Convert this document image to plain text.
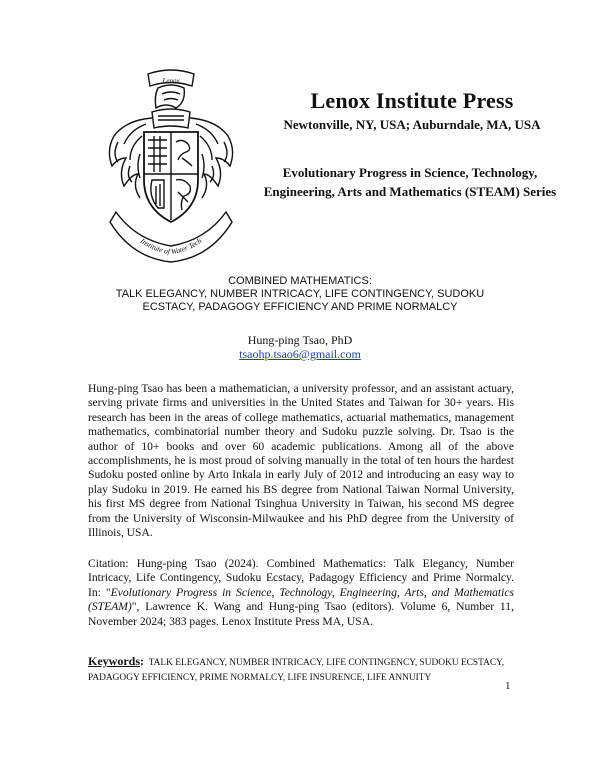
Lenox
Institute of Water Tech
Lenox Institute Press
Newtonville, NY, USA; Auburndale, MA, USA
Evolutionary Progress in Science, Technology,
Engineering, Arts and Mathematics (STEAM) Series
COMBINED MATHEMATICS:
TALK ELEGANCY, NUMBER INTRICACY, LIFE CONTINGENCY, SUDOKU
ECSTACY, PADAGOGY EFFICIENCY AND PRIME NORMALCY
Hung-ping Tsao, PhD
tsaohp.tsao6@gmail.com
Hung-ping Tsao has been a mathematician, a university professor, and an assistant actuary, serving private firms and universities in the United States and Taiwan for 30+ years. His research has been in the areas of college mathematics, actuarial mathematics, management mathematics, combinatorial number theory and Sudoku puzzle solving. Dr. Tsao is the author of 10+ books and over 60 academic publications. Among all of the above accomplishments, he is most proud of solving manually in the total of ten hours the hardest Sudoku posted online by Arto Inkala in early July of 2012 and introducing an easy way to play Sudoku in 2019. He earned his BS degree from National Taiwan Normal University, his first MS degree from National Tsinghua University in Taiwan, his second MS degree from the University of Wisconsin-Milwaukee and his PhD degree from the University of Illinois, USA.
Citation: Hung-ping Tsao (2024). Combined Mathematics: Talk Elegancy, Number Intricacy, Life Contingency, Sudoku Ecstacy, Padagogy Efficiency and Prime Normalcy. In: "Evolutionary Progress in Science, Technology, Engineering, Arts, and Mathematics (STEAM)", Lawrence K. Wang and Hung-ping Tsao (editors). Volume 6, Number 11, November 2024; 383 pages. Lenox Institute Press MA, USA.
Keywords: TALK ELEGANCY, NUMBER INTRICACY, LIFE CONTINGENCY, SUDOKU ECSTACY, PADAGOGY EFFICIENCY, PRIME NORMALCY, LIFE INSURENCE, LIFE ANNUITY
1
